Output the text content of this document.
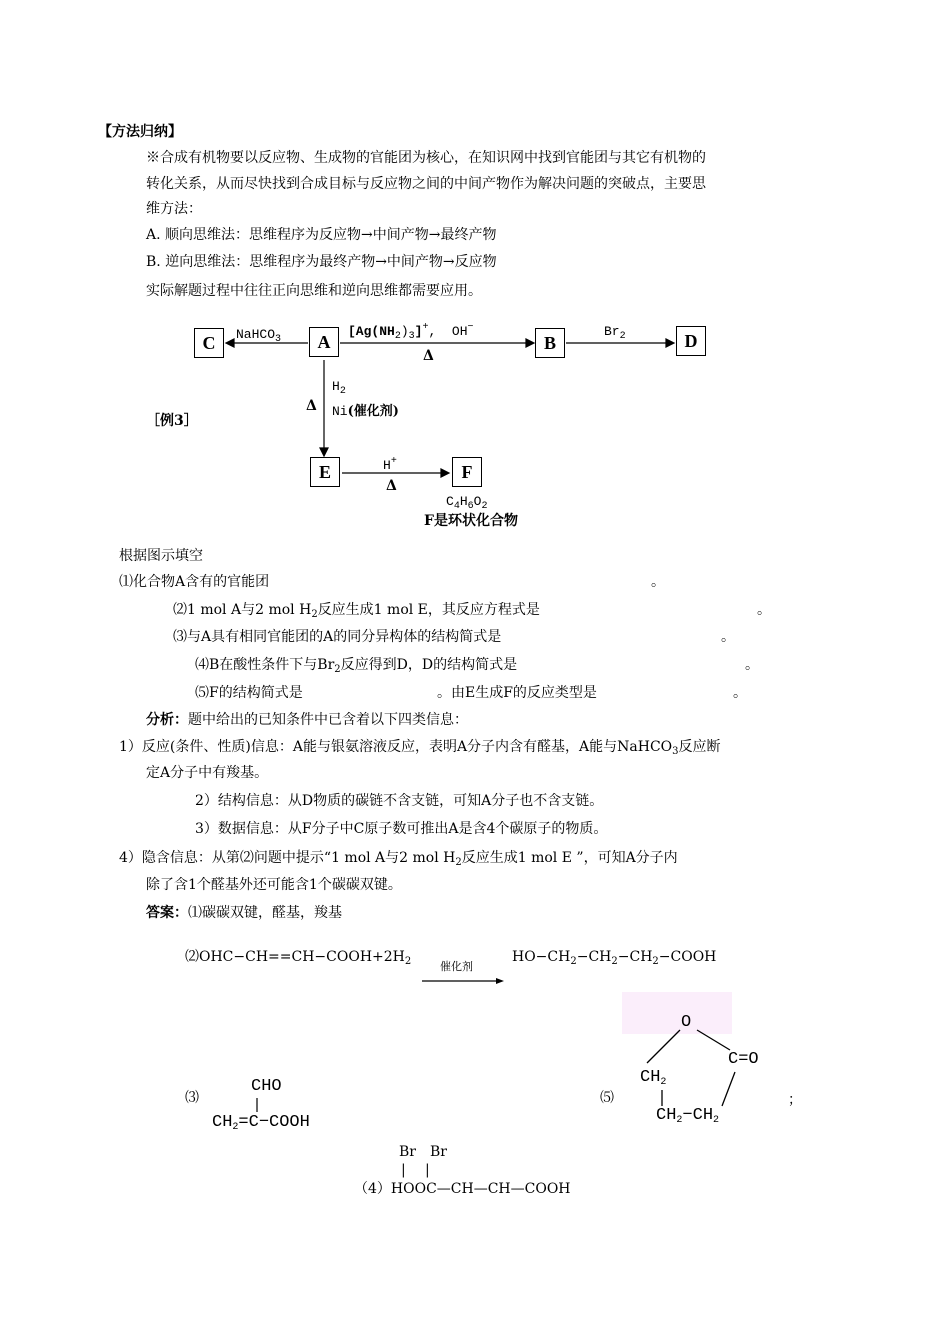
【方法归纳】
※合成有机物要以反应物、生成物的官能团为核心，在知识网中找到官能团与其它有机物的
转化关系，从而尽快找到合成目标与反应物之间的中间产物作为解决问题的突破点，主要思
维方法：
A. 顺向思维法：思维程序为反应物→中间产物→最终产物
B. 逆向思维法：思维程序为最终产物→中间产物→反应物
实际解题过程中往往正向思维和逆向思维都需要应用。
C	A	B	D
E	F
NaHCO$_3$
$[Ag(NH_2)_3]^+$,  OH−
Δ
$Br_2$
$H_2$
Δ Ni(催化剂)
［例3］
H+
Δ
$C_4H_6O_2$
F是环状化合物
根据图示填空
⑴化合物A含有的官能团	。
⑵1 mol A与2 mol $H_2$反应生成1 mol E，其反应方程式是	。
⑶与A具有相同官能团的A的同分异构体的结构简式是	。
⑷B在酸性条件下与$Br_2$反应得到D，D的结构简式是	。
⑸F的结构简式是	。由E生成F的反应类型是	。
分析：题中给出的已知条件中已含着以下四类信息：
1）反应(条件、性质)信息：A能与银氨溶液反应，表明A分子内含有醛基，A能与NaHCO$_3$反应断
定A分子中有羧基。
2）结构信息：从D物质的碳链不含支链，可知A分子也不含支链。
3）数据信息：从F分子中C原子数可推出A是含4个碳原子的物质。
4）隐含信息：从第⑵问题中提示“1 mol A与2 mol $H_2$反应生成1 mol E ”，可知A分子内
除了含1个醛基外还可能含1个碳碳双键。
答案：⑴碳碳双键，醛基，羧基
$⑵OHC-CH==CH-COOH+2H_2$	催化剂
$HO-CH_2-CH_2-CH_2-COOH$
⑶
CHO
$CH_2=C-COOH$
⑸
O
C=O
$CH_2$
$CH_2-CH_2$
；
Br Br
| |
（4）HOOC—CH—CH—COOH
